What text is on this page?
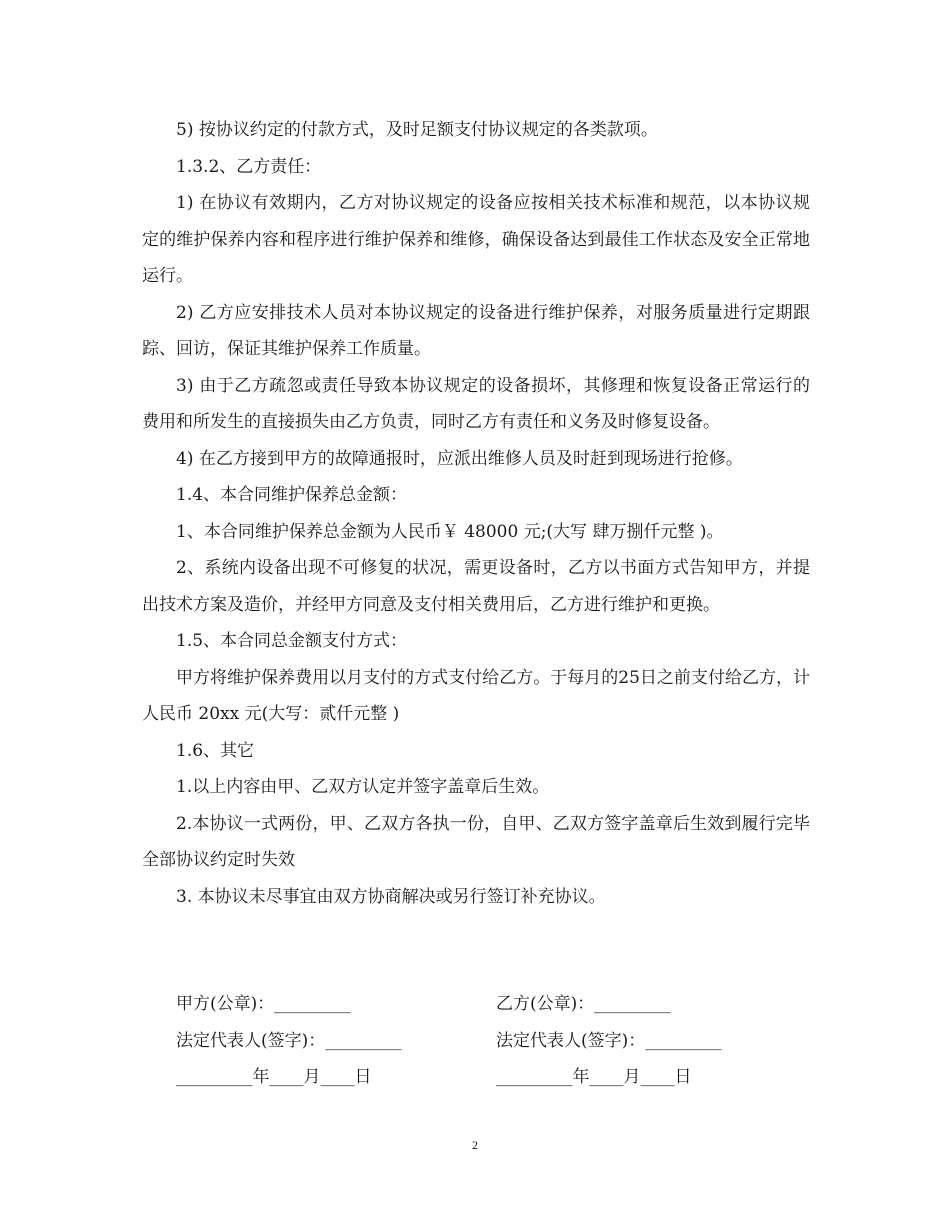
5) 按协议约定的付款方式，及时足额支付协议规定的各类款项。

1.3.2、乙方责任：

1) 在协议有效期内，乙方对协议规定的设备应按相关技术标准和规范，以本协议规定的维护保养内容和程序进行维护保养和维修，确保设备达到最佳工作状态及安全正常地运行。

2) 乙方应安排技术人员对本协议规定的设备进行维护保养，对服务质量进行定期跟踪、回访，保证其维护保养工作质量。

3) 由于乙方疏忽或责任导致本协议规定的设备损坏，其修理和恢复设备正常运行的费用和所发生的直接损失由乙方负责，同时乙方有责任和义务及时修复设备。

4) 在乙方接到甲方的故障通报时，应派出维修人员及时赶到现场进行抢修。

1.4、本合同维护保养总金额：

1、本合同维护保养总金额为人民币￥ 48000 元;(大写 肆万捌仟元整 )。

2、系统内设备出现不可修复的状况，需更设备时，乙方以书面方式告知甲方，并提出技术方案及造价，并经甲方同意及支付相关费用后，乙方进行维护和更换。

1.5、本合同总金额支付方式：

甲方将维护保养费用以月支付的方式支付给乙方。于每月的25日之前支付给乙方，计人民币 20xx 元(大写：贰仟元整 )

1.6、其它

1.以上内容由甲、乙双方认定并签字盖章后生效。

2.本协议一式两份，甲、乙双方各执一份，自甲、乙双方签字盖章后生效到履行完毕全部协议约定时失效

3. 本协议未尽事宜由双方协商解决或另行签订补充协议。

甲方(公章)：_________	乙方(公章)：_________
法定代表人(签字)：_________	法定代表人(签字)：_________
_________年____月____日	_________年____月____日
2
